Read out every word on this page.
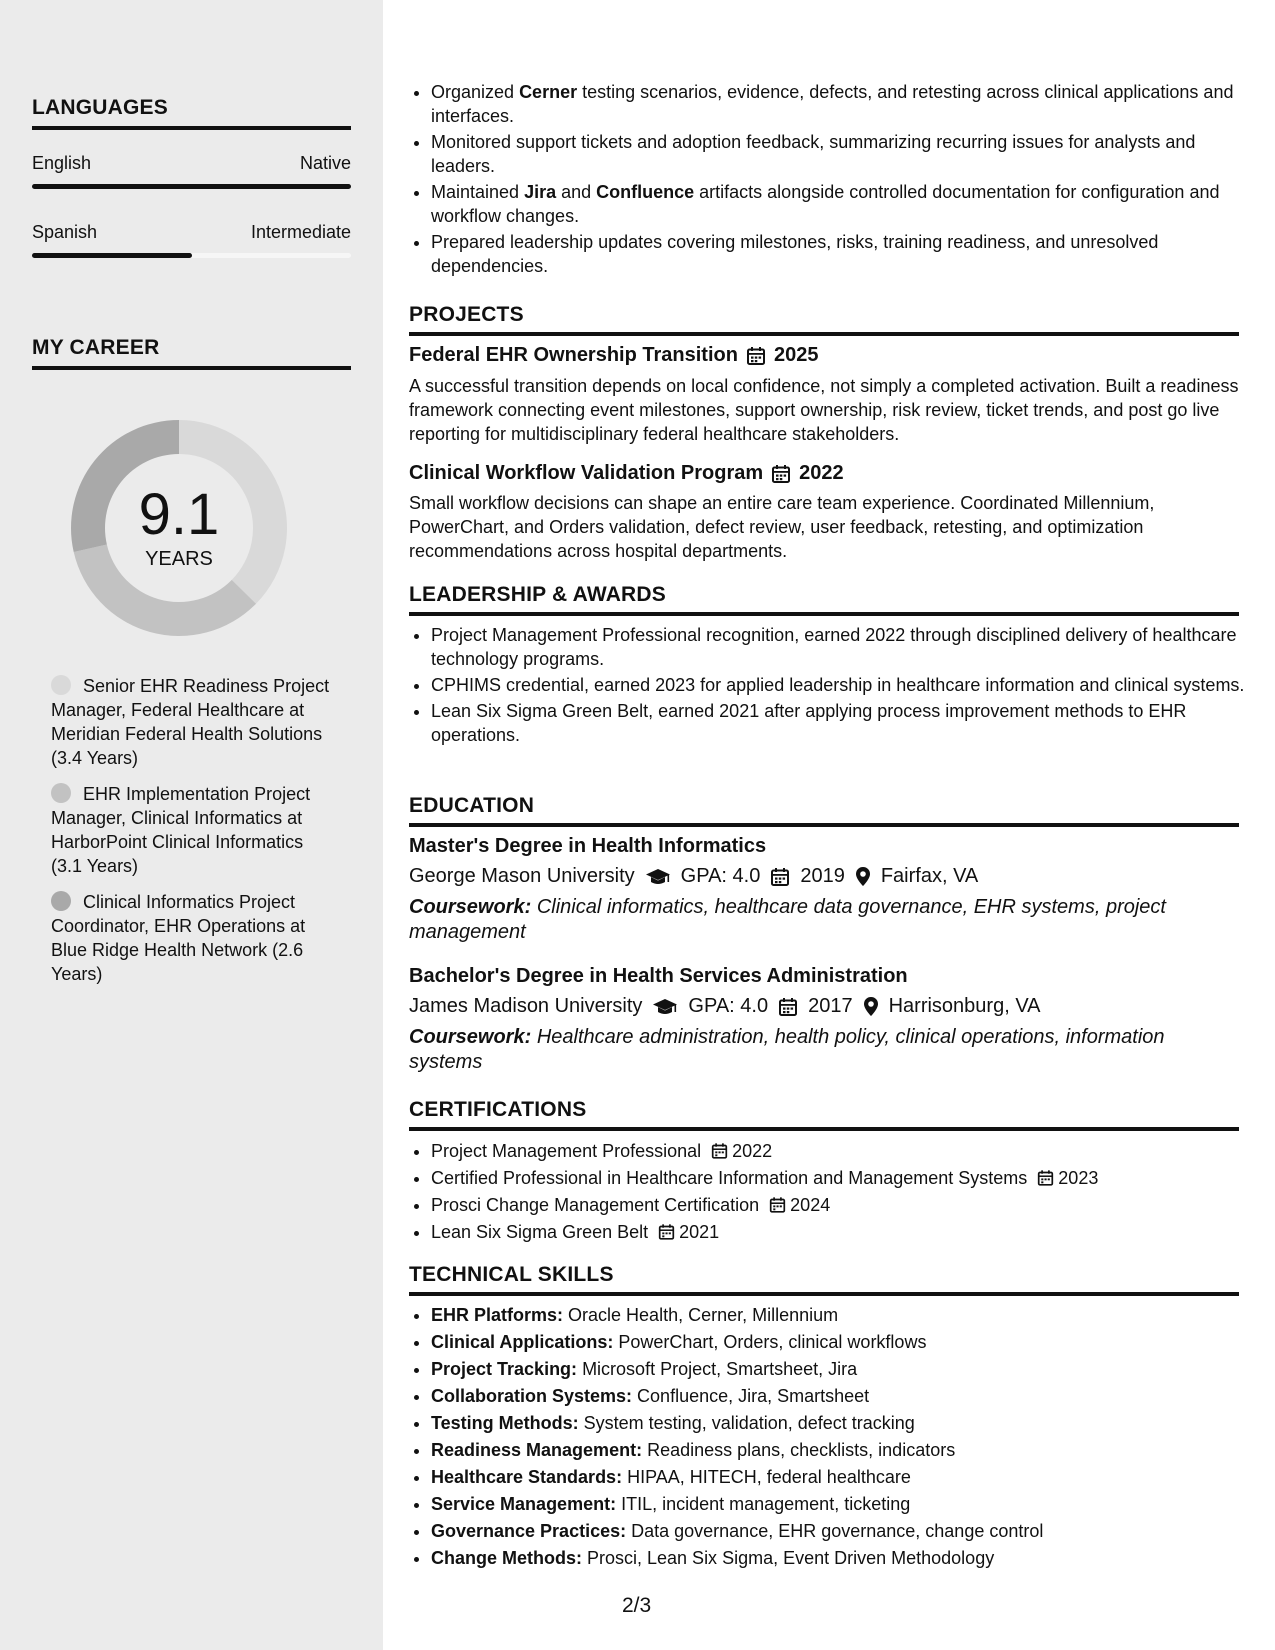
LANGUAGES
English	Native
Spanish	Intermediate
MY CAREER
9.1
YEARS
Senior EHR Readiness Project Manager, Federal Healthcare at Meridian Federal Health Solutions (3.4 Years)
EHR Implementation Project Manager, Clinical Informatics at HarborPoint Clinical Informatics (3.1 Years)
Clinical Informatics Project Coordinator, EHR Operations at Blue Ridge Health Network (2.6 Years)
• Organized Cerner testing scenarios, evidence, defects, and retesting across clinical applications and interfaces.
• Monitored support tickets and adoption feedback, summarizing recurring issues for analysts and leaders.
• Maintained Jira and Confluence artifacts alongside controlled documentation for configuration and workflow changes.
• Prepared leadership updates covering milestones, risks, training readiness, and unresolved dependencies.
PROJECTS
Federal EHR Ownership Transition 2025
A successful transition depends on local confidence, not simply a completed activation. Built a readiness framework connecting event milestones, support ownership, risk review, ticket trends, and post go live reporting for multidisciplinary federal healthcare stakeholders.
Clinical Workflow Validation Program 2022
Small workflow decisions can shape an entire care team experience. Coordinated Millennium, PowerChart, and Orders validation, defect review, user feedback, retesting, and optimization recommendations across hospital departments.
LEADERSHIP & AWARDS
• Project Management Professional recognition, earned 2022 through disciplined delivery of healthcare technology programs.
• CPHIMS credential, earned 2023 for applied leadership in healthcare information and clinical systems.
• Lean Six Sigma Green Belt, earned 2021 after applying process improvement methods to EHR operations.
EDUCATION
Master's Degree in Health Informatics
George Mason University GPA: 4.0 2019 Fairfax, VA
Coursework: Clinical informatics, healthcare data governance, EHR systems, project management
Bachelor's Degree in Health Services Administration
James Madison University GPA: 4.0 2017 Harrisonburg, VA
Coursework: Healthcare administration, health policy, clinical operations, information systems
CERTIFICATIONS
• Project Management Professional 2022
• Certified Professional in Healthcare Information and Management Systems 2023
• Prosci Change Management Certification 2024
• Lean Six Sigma Green Belt 2021
TECHNICAL SKILLS
• EHR Platforms: Oracle Health, Cerner, Millennium
• Clinical Applications: PowerChart, Orders, clinical workflows
• Project Tracking: Microsoft Project, Smartsheet, Jira
• Collaboration Systems: Confluence, Jira, Smartsheet
• Testing Methods: System testing, validation, defect tracking
• Readiness Management: Readiness plans, checklists, indicators
• Healthcare Standards: HIPAA, HITECH, federal healthcare
• Service Management: ITIL, incident management, ticketing
• Governance Practices: Data governance, EHR governance, change control
• Change Methods: Prosci, Lean Six Sigma, Event Driven Methodology
2/3
